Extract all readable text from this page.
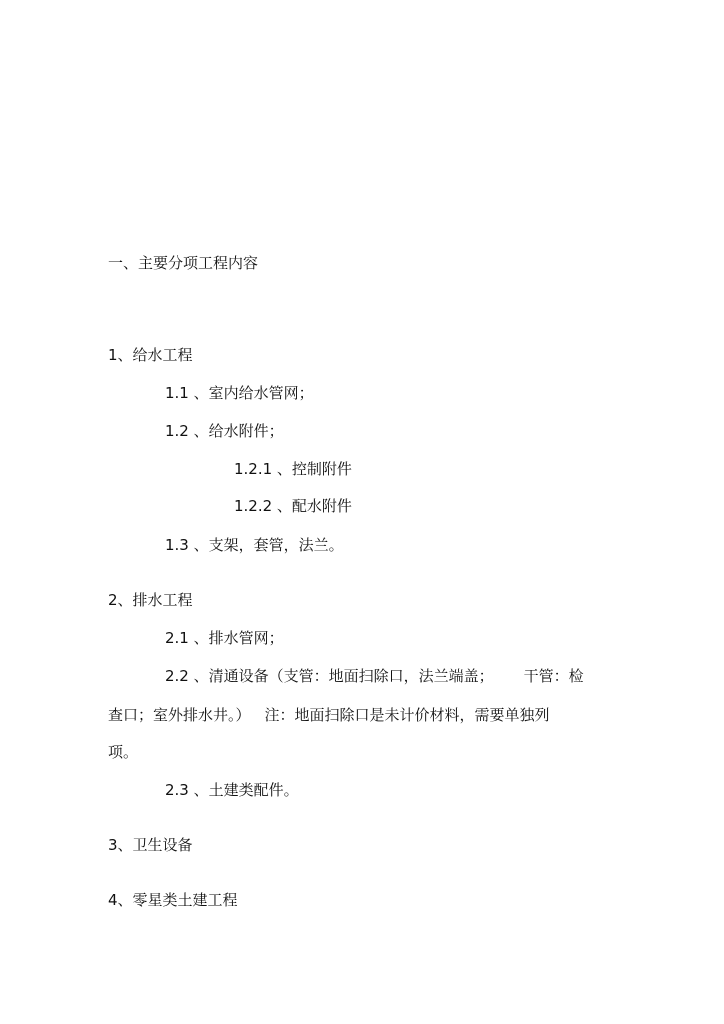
一、主要分项工程内容
1、给水工程
1.1 、室内给水管网；
1.2 、给水附件；
1.2.1 、控制附件
1.2.2 、配水附件
1.3 、支架，套管，法兰。
2、排水工程
2.1 、排水管网；
2.2 、清通设备（支管：地面扫除口，法兰端盖； 干管：检
查口；室外排水井。） 注：地面扫除口是未计价材料，需要单独列
项。
2.3 、土建类配件。
3、卫生设备
4、零星类土建工程
